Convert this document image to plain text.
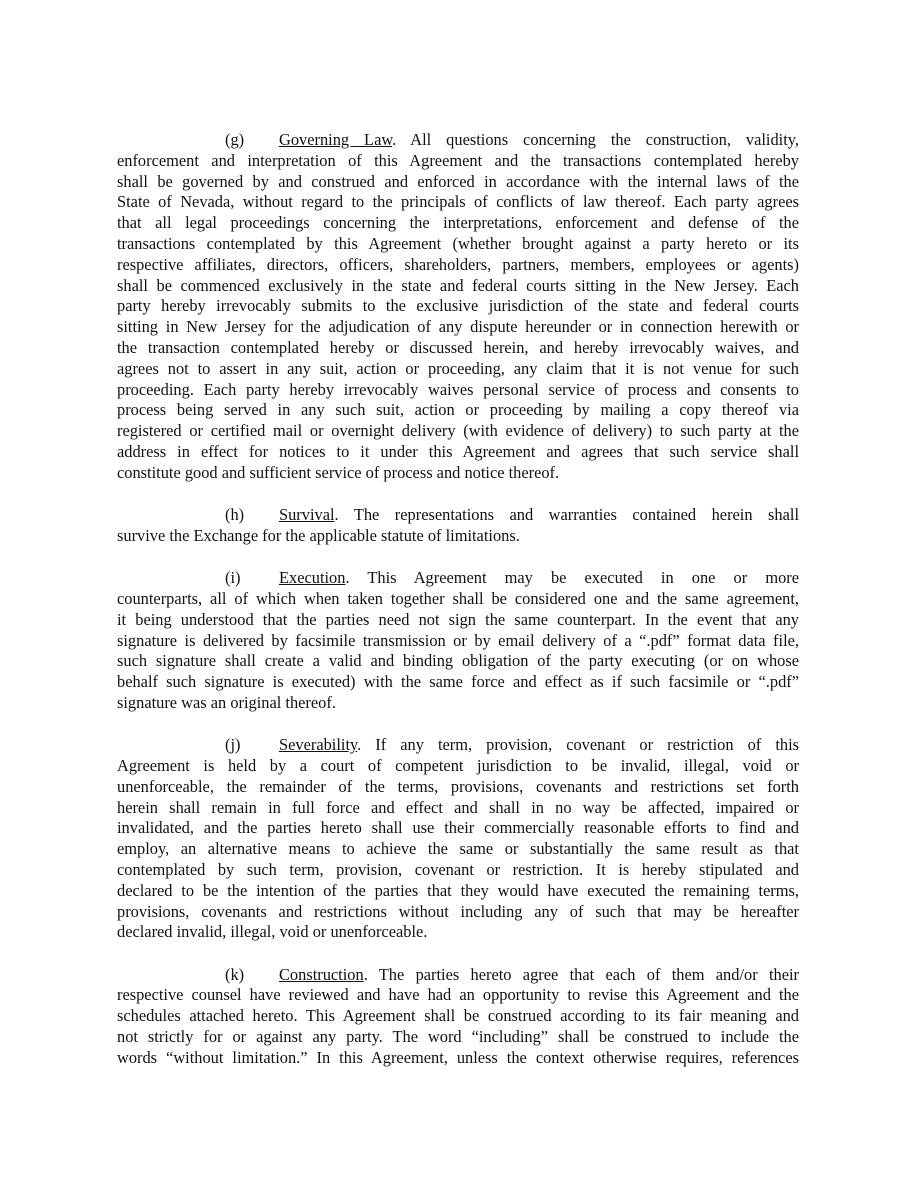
(g) Governing Law. All questions concerning the construction, validity,
enforcement and interpretation of this Agreement and the transactions contemplated hereby
shall be governed by and construed and enforced in accordance with the internal laws of the
State of Nevada, without regard to the principals of conflicts of law thereof. Each party agrees
that all legal proceedings concerning the interpretations, enforcement and defense of the
transactions contemplated by this Agreement (whether brought against a party hereto or its
respective affiliates, directors, officers, shareholders, partners, members, employees or agents)
shall be commenced exclusively in the state and federal courts sitting in the New Jersey. Each
party hereby irrevocably submits to the exclusive jurisdiction of the state and federal courts
sitting in New Jersey for the adjudication of any dispute hereunder or in connection herewith or
the transaction contemplated hereby or discussed herein, and hereby irrevocably waives, and
agrees not to assert in any suit, action or proceeding, any claim that it is not venue for such
proceeding. Each party hereby irrevocably waives personal service of process and consents to
process being served in any such suit, action or proceeding by mailing a copy thereof via
registered or certified mail or overnight delivery (with evidence of delivery) to such party at the
address in effect for notices to it under this Agreement and agrees that such service shall
constitute good and sufficient service of process and notice thereof.
(h) Survival. The representations and warranties contained herein shall
survive the Exchange for the applicable statute of limitations.
(i) Execution. This Agreement may be executed in one or more
counterparts, all of which when taken together shall be considered one and the same agreement,
it being understood that the parties need not sign the same counterpart. In the event that any
signature is delivered by facsimile transmission or by email delivery of a “.pdf” format data file,
such signature shall create a valid and binding obligation of the party executing (or on whose
behalf such signature is executed) with the same force and effect as if such facsimile or “.pdf”
signature was an original thereof.
(j) Severability. If any term, provision, covenant or restriction of this
Agreement is held by a court of competent jurisdiction to be invalid, illegal, void or
unenforceable, the remainder of the terms, provisions, covenants and restrictions set forth
herein shall remain in full force and effect and shall in no way be affected, impaired or
invalidated, and the parties hereto shall use their commercially reasonable efforts to find and
employ, an alternative means to achieve the same or substantially the same result as that
contemplated by such term, provision, covenant or restriction. It is hereby stipulated and
declared to be the intention of the parties that they would have executed the remaining terms,
provisions, covenants and restrictions without including any of such that may be hereafter
declared invalid, illegal, void or unenforceable.
(k) Construction. The parties hereto agree that each of them and/or their
respective counsel have reviewed and have had an opportunity to revise this Agreement and the
schedules attached hereto. This Agreement shall be construed according to its fair meaning and
not strictly for or against any party. The word “including” shall be construed to include the
words “without limitation.” In this Agreement, unless the context otherwise requires, references
